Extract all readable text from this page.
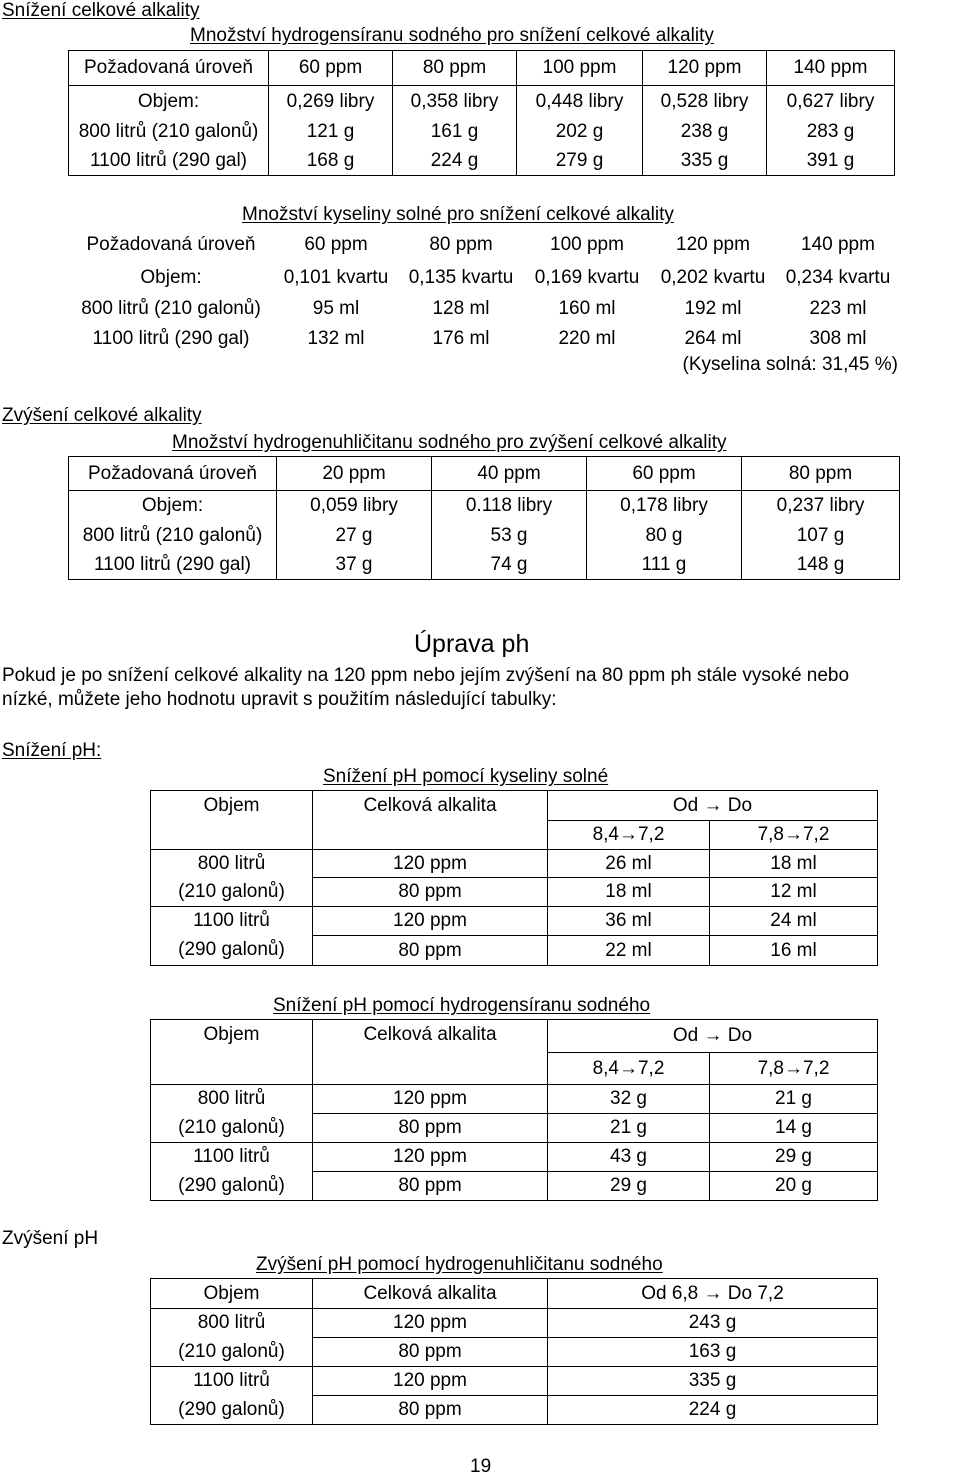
Snížení celkové alkality
Množství hydrogensíranu sodného pro snížení celkové alkality
Požadovaná úroveň	60 ppm	80 ppm	100 ppm	120 ppm	140 ppm
Objem:	0,269 libry	0,358 libry	0,448 libry	0,528 libry	0,627 libry
800 litrů (210 galonů)	121 g	161 g	202 g	238 g	283 g
1100 litrů (290 gal)	168 g	224 g	279 g	335 g	391 g
Množství kyseliny solné pro snížení celkové alkality
Požadovaná úroveň	60 ppm	80 ppm	100 ppm	120 ppm	140 ppm
Objem:	0,101 kvartu	0,135 kvartu	0,169 kvartu	0,202 kvartu	0,234 kvartu
800 litrů (210 galonů)	95 ml	128 ml	160 ml	192 ml	223 ml
1100 litrů (290 gal)	132 ml	176 ml	220 ml	264 ml	308 ml
(Kyselina solná: 31,45 %)
Zvýšení celkové alkality
Množství hydrogenuhličitanu sodného pro zvýšení celkové alkality
Požadovaná úroveň	20 ppm	40 ppm	60 ppm	80 ppm
Objem:	0,059 libry	0.118 libry	0,178 libry	0,237 libry
800 litrů (210 galonů)	27 g	53 g	80 g	107 g
1100 litrů (290 gal)	37 g	74 g	111 g	148 g
Úprava ph
Pokud je po snížení celkové alkality na 120 ppm nebo jejím zvýšení na 80 ppm ph stále vysoké nebo
nízké, můžete jeho hodnotu upravit s použitím následující tabulky:
Snížení pH:
Snížení pH pomocí kyseliny solné
Objem	Celková alkalita	Od → Do	
		8,4→7,2	7,8→7,2
800 litrů	120 ppm	26 ml	18 ml
(210 galonů)	80 ppm	18 ml	12 ml
1100 litrů	120 ppm	36 ml	24 ml
(290 galonů)	80 ppm	22 ml	16 ml
Snížení pH pomocí hydrogensíranu sodného
Objem	Celková alkalita	Od → Do	
		8,4→7,2	7,8→7,2
800 litrů	120 ppm	32 g	21 g
(210 galonů)	80 ppm	21 g	14 g
1100 litrů	120 ppm	43 g	29 g
(290 galonů)	80 ppm	29 g	20 g
Zvýšení pH
Zvýšení pH pomocí hydrogenuhličitanu sodného
Objem	Celková alkalita	Od 6,8 → Do 7,2
800 litrů	120 ppm	243 g
(210 galonů)	80 ppm	163 g
1100 litrů	120 ppm	335 g
(290 galonů)	80 ppm	224 g
19
